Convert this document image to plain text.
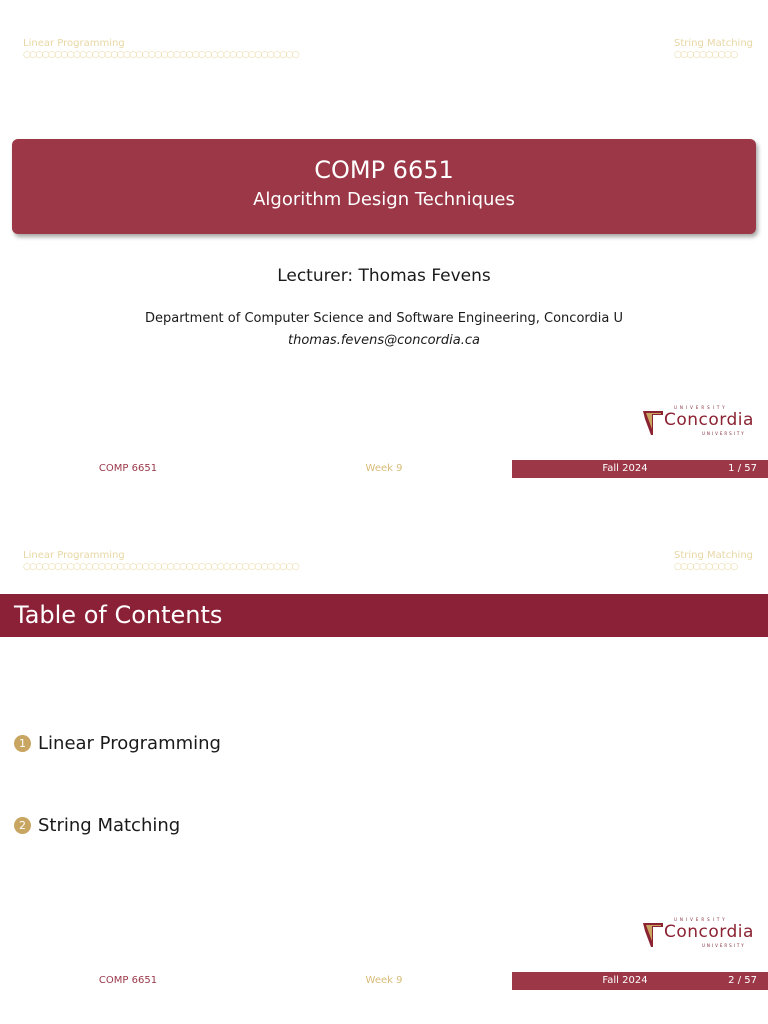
Linear Programming
○○○○○○○○○○○○○○○○○○○○○○○○○○○○○○○○○○○○○○○○○○○○
String Matching
○○○○○○○○○○
COMP 6651
Algorithm Design Techniques
Lecturer: Thomas Fevens
Department of Computer Science and Software Engineering, Concordia U
thomas.fevens@concordia.ca
UNIVERSITY
Concordia
UNIVERSITY
COMP 6651	Week 9	Fall 2024	1 / 57
Linear Programming
○○○○○○○○○○○○○○○○○○○○○○○○○○○○○○○○○○○○○○○○○○○○
String Matching
○○○○○○○○○○
Table of Contents
1 Linear Programming
2 String Matching
UNIVERSITY
Concordia
UNIVERSITY
COMP 6651	Week 9	Fall 2024	2 / 57
